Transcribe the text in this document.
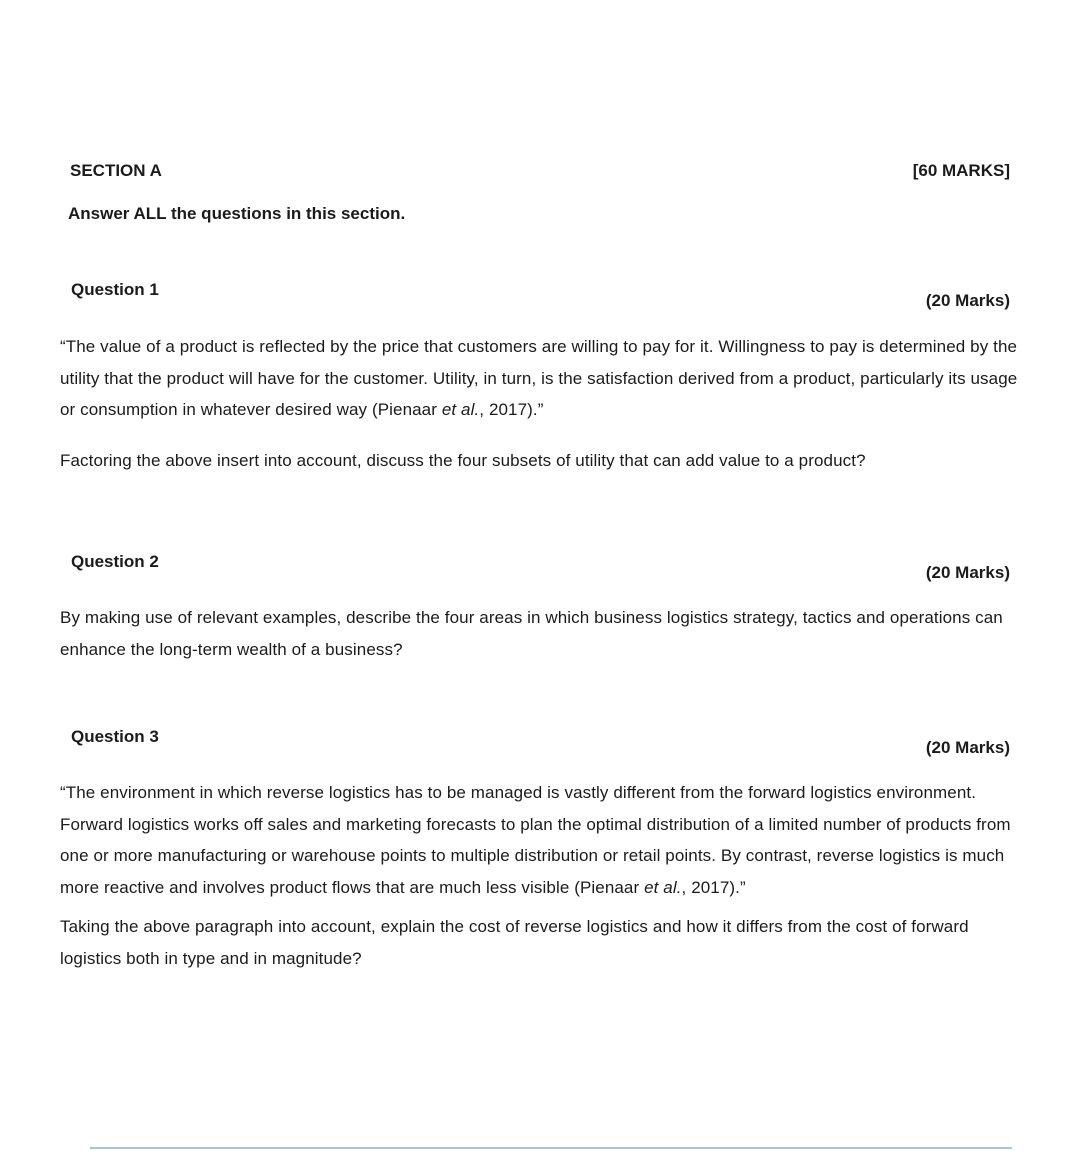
SECTION A	[60 MARKS]
Answer ALL the questions in this section.
Question 1
(20 Marks)
“The value of a product is reflected by the price that customers are willing to pay for it. Willingness to pay is determined by the utility that the product will have for the customer. Utility, in turn, is the satisfaction derived from a product, particularly its usage or consumption in whatever desired way (Pienaar et al., 2017).”
Factoring the above insert into account, discuss the four subsets of utility that can add value to a product?
Question 2
(20 Marks)
By making use of relevant examples, describe the four areas in which business logistics strategy, tactics and operations can enhance the long-term wealth of a business?
Question 3
(20 Marks)
“The environment in which reverse logistics has to be managed is vastly different from the forward logistics environment. Forward logistics works off sales and marketing forecasts to plan the optimal distribution of a limited number of products from one or more manufacturing or warehouse points to multiple distribution or retail points. By contrast, reverse logistics is much more reactive and involves product flows that are much less visible (Pienaar et al., 2017).”
Taking the above paragraph into account, explain the cost of reverse logistics and how it differs from the cost of forward logistics both in type and in magnitude?
